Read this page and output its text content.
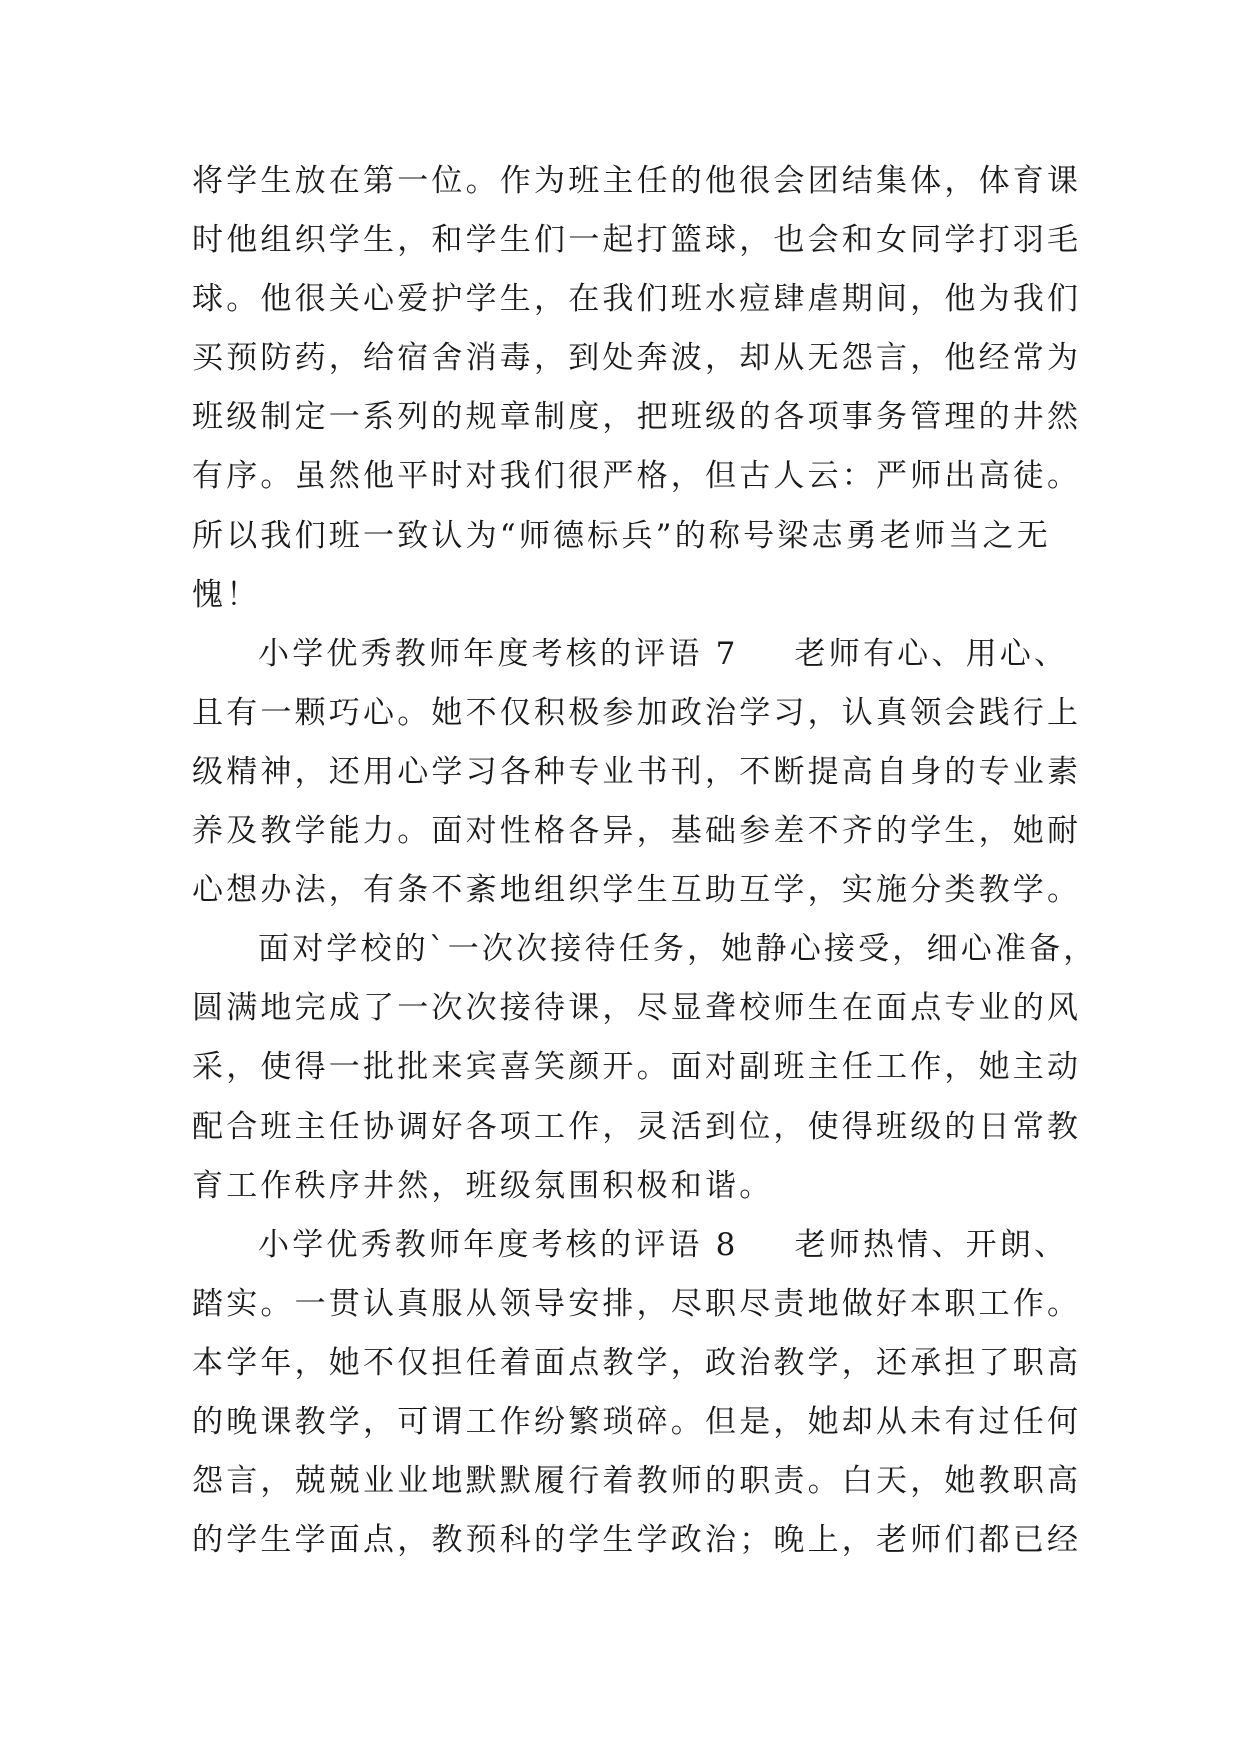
将学生放在第一位。作为班主任的他很会团结集体，体育课
时他组织学生，和学生们一起打篮球，也会和女同学打羽毛
球。他很关心爱护学生，在我们班水痘肆虐期间，他为我们
买预防药，给宿舍消毒，到处奔波，却从无怨言，他经常为
班级制定一系列的规章制度，把班级的各项事务管理的井然
有序。虽然他平时对我们很严格，但古人云：严师出高徒。
所以我们班一致认为“师德标兵”的称号梁志勇老师当之无
愧！
小学优秀教师年度考核的评语 7 老师有心、用心、
且有一颗巧心。她不仅积极参加政治学习，认真领会践行上
级精神，还用心学习各种专业书刊，不断提高自身的专业素
养及教学能力。面对性格各异，基础参差不齐的学生，她耐
心想办法，有条不紊地组织学生互助互学，实施分类教学。
面对学校的`一次次接待任务，她静心接受，细心准备，
圆满地完成了一次次接待课，尽显聋校师生在面点专业的风
采，使得一批批来宾喜笑颜开。面对副班主任工作，她主动
配合班主任协调好各项工作，灵活到位，使得班级的日常教
育工作秩序井然，班级氛围积极和谐。
小学优秀教师年度考核的评语 8 老师热情、开朗、
踏实。一贯认真服从领导安排，尽职尽责地做好本职工作。
本学年，她不仅担任着面点教学，政治教学，还承担了职高
的晚课教学，可谓工作纷繁琐碎。但是，她却从未有过任何
怨言，兢兢业业地默默履行着教师的职责。白天，她教职高
的学生学面点，教预科的学生学政治；晚上，老师们都已经
